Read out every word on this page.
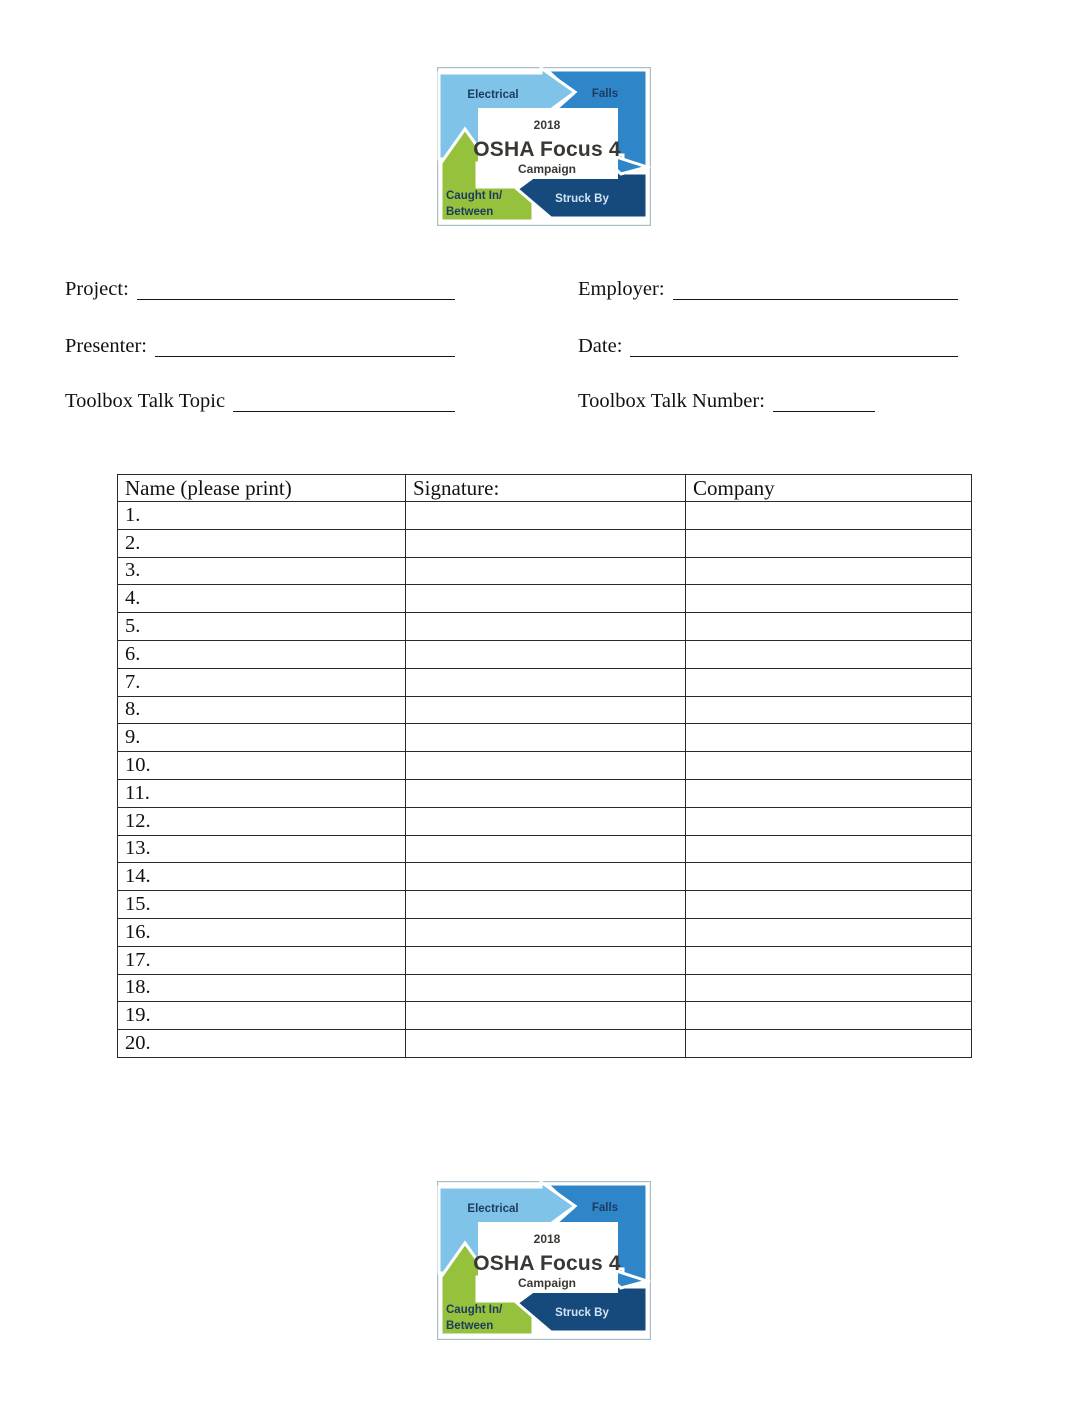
Electrical	Falls
Caught In/
Between
Struck By
2018
OSHA Focus 4
Campaign
Project:	Employer:
Presenter:	Date:
Toolbox Talk Topic	Toolbox Talk Number:
Name (please print)	Signature:	Company
1.		
2.		
3.		
4.		
5.		
6.		
7.		
8.		
9.		
10.		
11.		
12.		
13.		
14.		
15.		
16.		
17.		
18.		
19.		
20.		
Electrical	Falls
Caught In/
Between
Struck By
2018
OSHA Focus 4
Campaign
